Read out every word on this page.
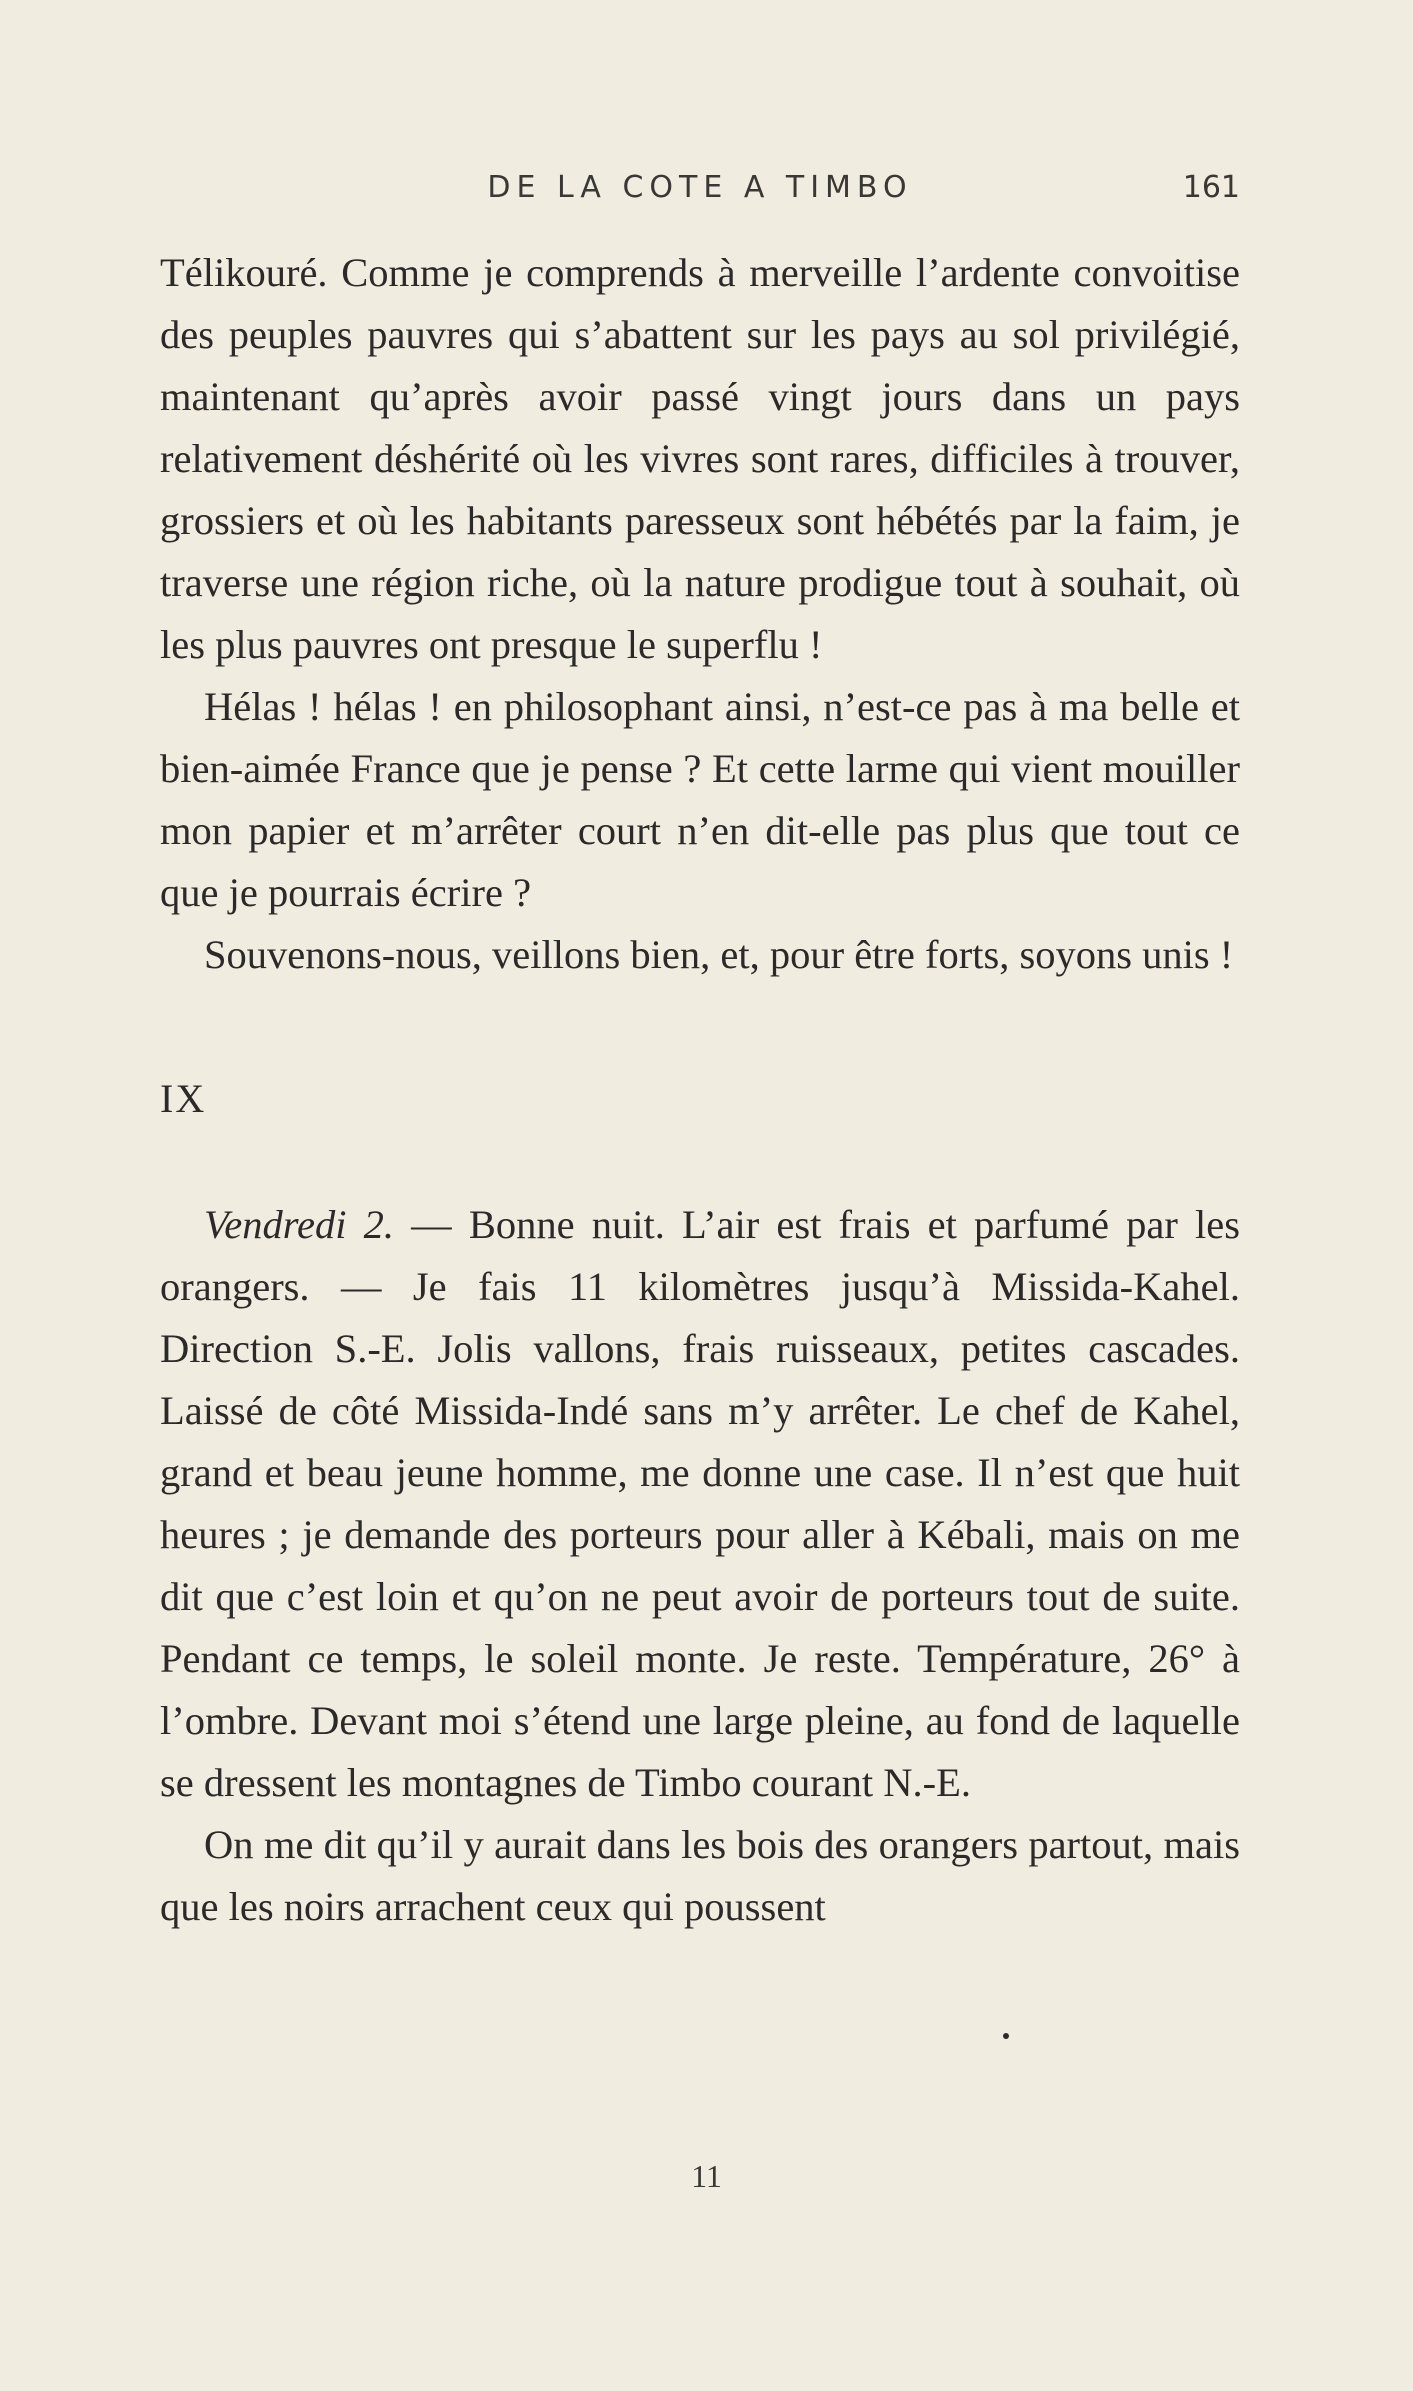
DE LA COTE A TIMBO	161

Télikouré. Comme je comprends à merveille l’ardente convoitise des peuples pauvres qui s’abattent sur les pays au sol privilégié, maintenant qu’après avoir passé vingt jours dans un pays relativement déshérité où les vivres sont rares, difficiles à trouver, grossiers et où les habitants paresseux sont hébétés par la faim, je traverse une région riche, où la nature prodigue tout à souhait, où les plus pauvres ont presque le superflu !

Hélas ! hélas ! en philosophant ainsi, n’est-ce pas à ma belle et bien-aimée France que je pense ? Et cette larme qui vient mouiller mon papier et m’arrêter court n’en dit-elle pas plus que tout ce que je pourrais écrire ?

Souvenons-nous, veillons bien, et, pour être forts, soyons unis !

IX

Vendredi 2. — Bonne nuit. L’air est frais et parfumé par les orangers. — Je fais 11 kilomètres jusqu’à Missida-Kahel. Direction S.-E. Jolis vallons, frais ruisseaux, petites cascades. Laissé de côté Missida-Indé sans m’y arrêter. Le chef de Kahel, grand et beau jeune homme, me donne une case. Il n’est que huit heures ; je demande des porteurs pour aller à Kébali, mais on me dit que c’est loin et qu’on ne peut avoir de porteurs tout de suite. Pendant ce temps, le soleil monte. Je reste. Température, 26° à l’ombre. Devant moi s’étend une large pleine, au fond de laquelle se dressent les montagnes de Timbo courant N.-E.

On me dit qu’il y aurait dans les bois des orangers partout, mais que les noirs arrachent ceux qui poussent

11
